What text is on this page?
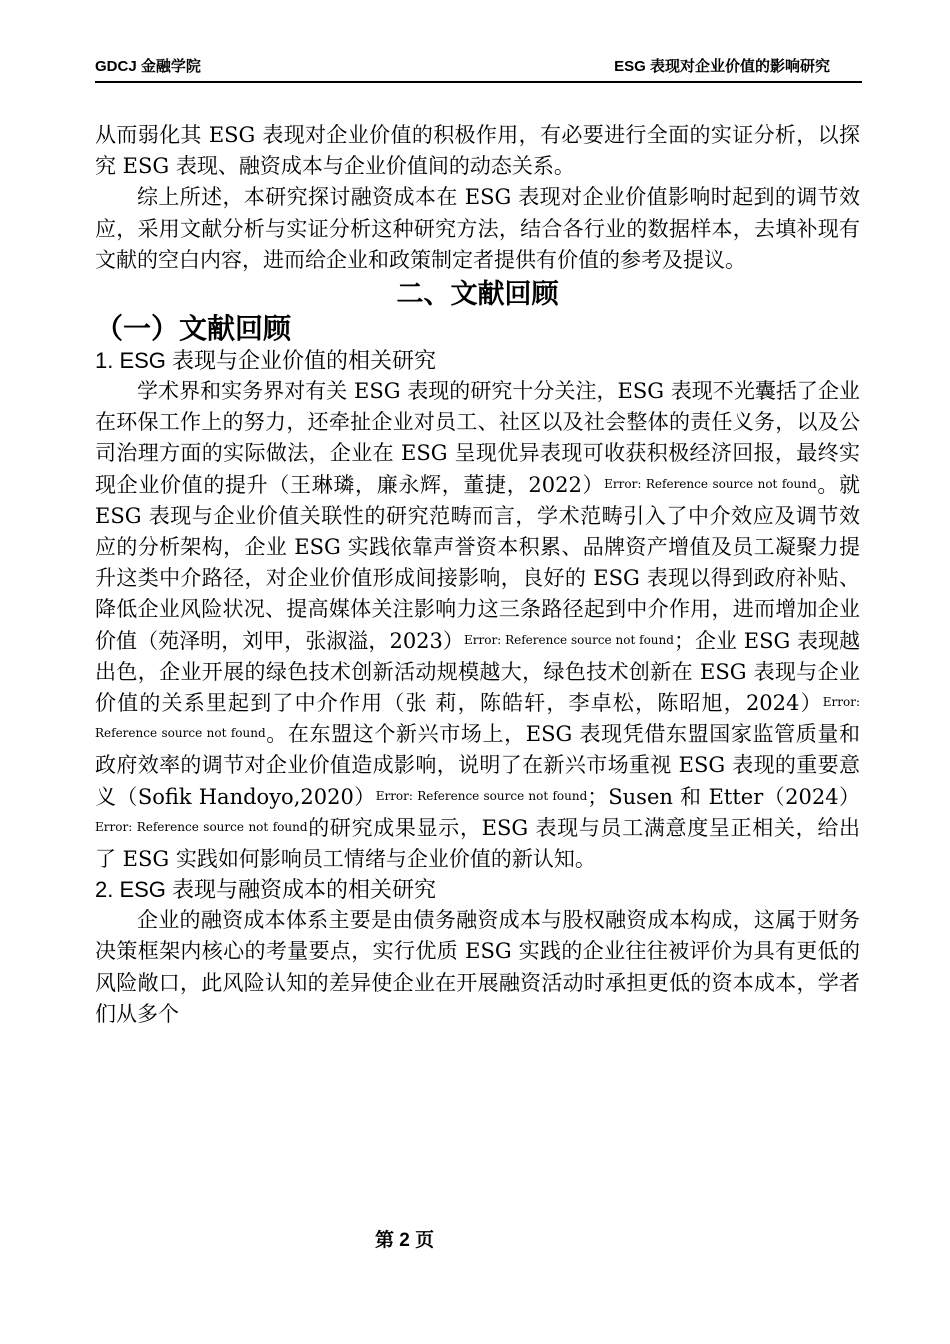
GDCJ 金融学院	ESG 表现对企业价值的影响研究

从而弱化其 ESG 表现对企业价值的积极作用，有必要进行全面的实证分析，以探究 ESG 表现、融资成本与企业价值间的动态关系。

综上所述，本研究探讨融资成本在 ESG 表现对企业价值影响时起到的调节效应，采用文献分析与实证分析这种研究方法，结合各行业的数据样本，去填补现有文献的空白内容，进而给企业和政策制定者提供有价值的参考及提议。

二、文献回顾

（一）文献回顾

1. ESG 表现与企业价值的相关研究

学术界和实务界对有关 ESG 表现的研究十分关注，ESG 表现不光囊括了企业在环保工作上的努力，还牵扯企业对员工、社区以及社会整体的责任义务，以及公司治理方面的实际做法，企业在 ESG 呈现优异表现可收获积极经济回报，最终实现企业价值的提升（王琳璘，廉永辉，董捷，2022）Error: Reference source not found。就 ESG 表现与企业价值关联性的研究范畴而言，学术范畴引入了中介效应及调节效应的分析架构，企业 ESG 实践依靠声誉资本积累、品牌资产增值及员工凝聚力提升这类中介路径，对企业价值形成间接影响，良好的 ESG 表现以得到政府补贴、降低企业风险状况、提高媒体关注影响力这三条路径起到中介作用，进而增加企业价值（苑泽明，刘甲，张淑溢，2023）Error: Reference source not found；企业 ESG 表现越出色，企业开展的绿色技术创新活动规模越大，绿色技术创新在 ESG 表现与企业价值的关系里起到了中介作用（张 莉，陈皓轩，李卓松，陈昭旭，2024）Error: Reference source not found。在东盟这个新兴市场上，ESG 表现凭借东盟国家监管质量和政府效率的调节对企业价值造成影响，说明了在新兴市场重视 ESG 表现的重要意义（Sofik Handoyo,2020）Error: Reference source not found；Susen 和 Etter（2024）Error: Reference source not found的研究成果显示，ESG 表现与员工满意度呈正相关，给出了 ESG 实践如何影响员工情绪与企业价值的新认知。

2. ESG 表现与融资成本的相关研究

企业的融资成本体系主要是由债务融资成本与股权融资成本构成，这属于财务决策框架内核心的考量要点，实行优质 ESG 实践的企业往往被评价为具有更低的风险敞口，此风险认知的差异使企业在开展融资活动时承担更低的资本成本，学者们从多个

第 2 页
